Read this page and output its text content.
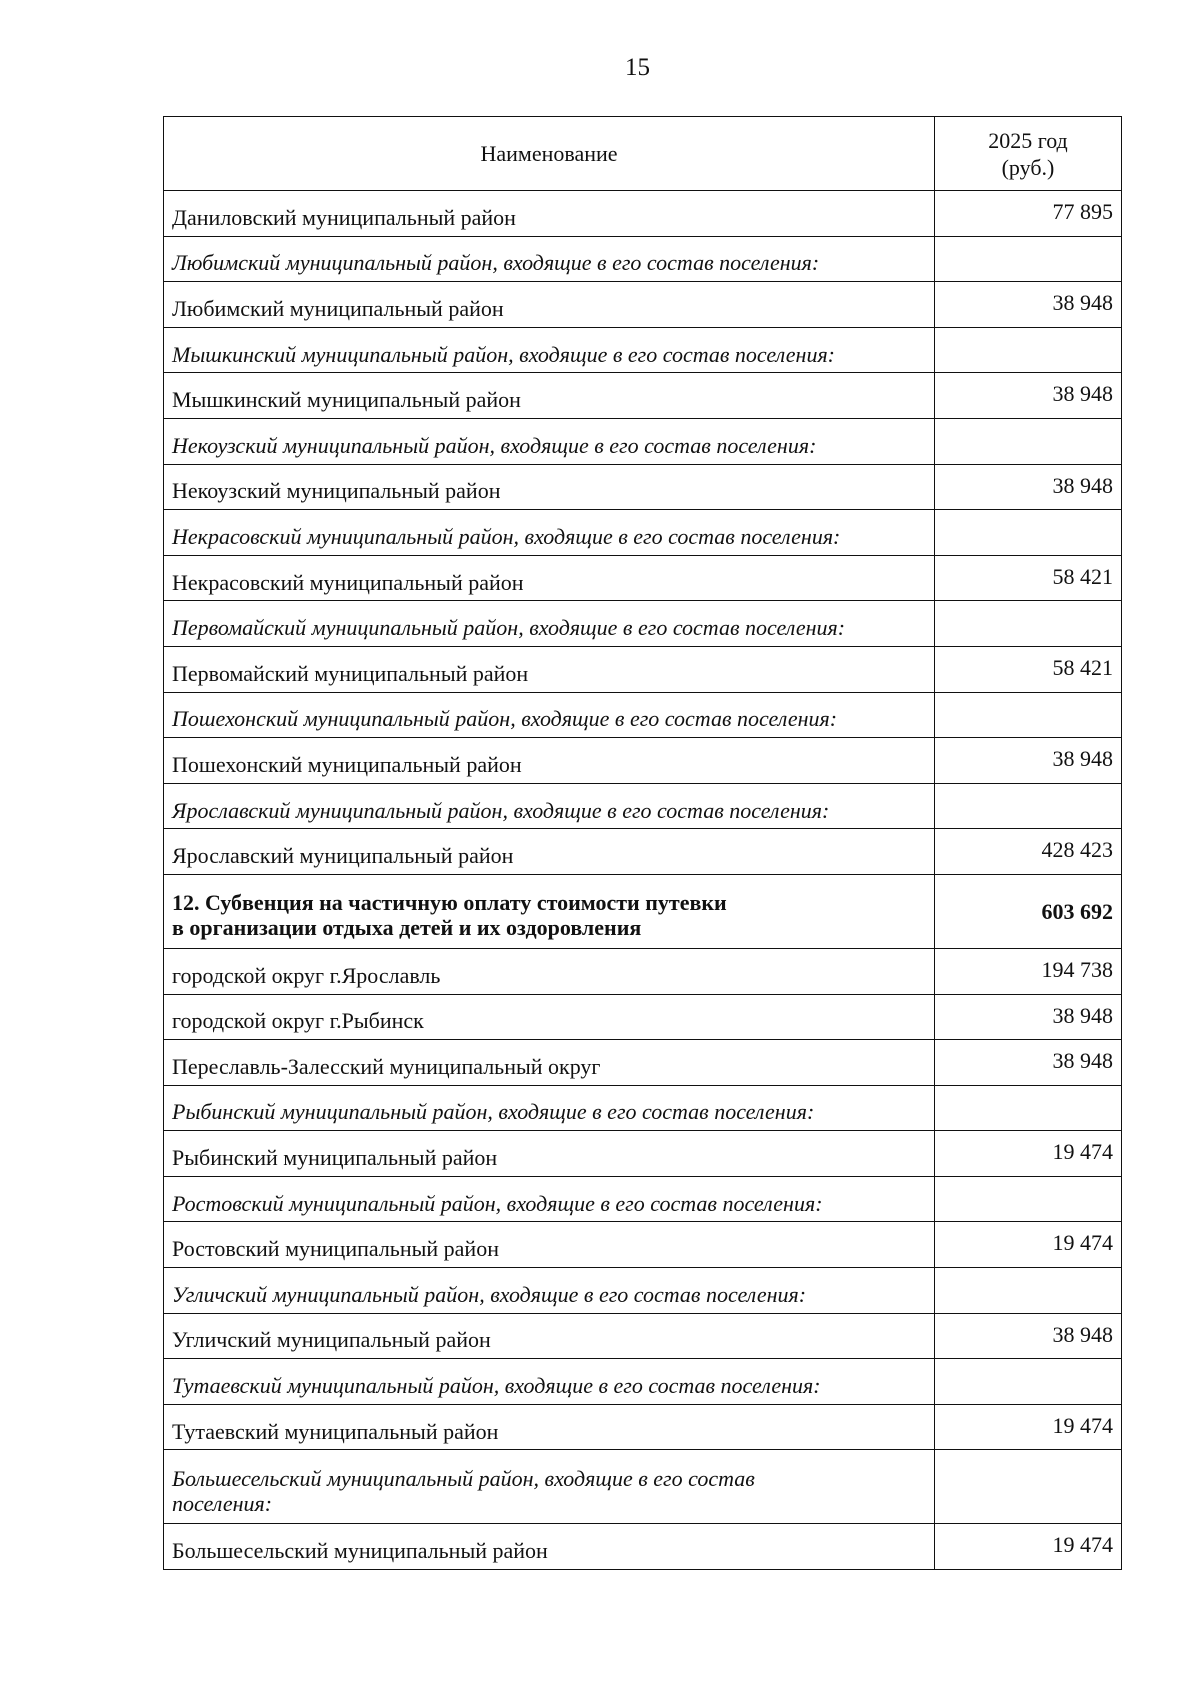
15
Наименование	2025 год
(руб.)

Даниловский муниципальный район	77 895
Любимский муниципальный район, входящие в его состав поселения:	
Любимский муниципальный район	38 948
Мышкинский муниципальный район, входящие в его состав поселения:	
Мышкинский муниципальный район	38 948
Некоузский муниципальный район, входящие в его состав поселения:	
Некоузский муниципальный район	38 948
Некрасовский муниципальный район, входящие в его состав поселения:	
Некрасовский муниципальный район	58 421
Первомайский муниципальный район, входящие в его состав поселения:	
Первомайский муниципальный район	58 421
Пошехонский муниципальный район, входящие в его состав поселения:	
Пошехонский муниципальный район	38 948
Ярославский муниципальный район, входящие в его состав поселения:	
Ярославский муниципальный район	428 423
12. Субвенция на частичную оплату стоимости путевки
в организации отдыха детей и их оздоровления	603 692
городской округ г.Ярославль	194 738
городской округ г.Рыбинск	38 948
Переславль-Залесский муниципальный округ	38 948
Рыбинский муниципальный район, входящие в его состав поселения:	
Рыбинский муниципальный район	19 474
Ростовский муниципальный район, входящие в его состав поселения:	
Ростовский муниципальный район	19 474
Угличский муниципальный район, входящие в его состав поселения:	
Угличский муниципальный район	38 948
Тутаевский муниципальный район, входящие в его состав поселения:	
Тутаевский муниципальный район	19 474
Большесельский муниципальный район, входящие в его состав
поселения:	
Большесельский муниципальный район	19 474
